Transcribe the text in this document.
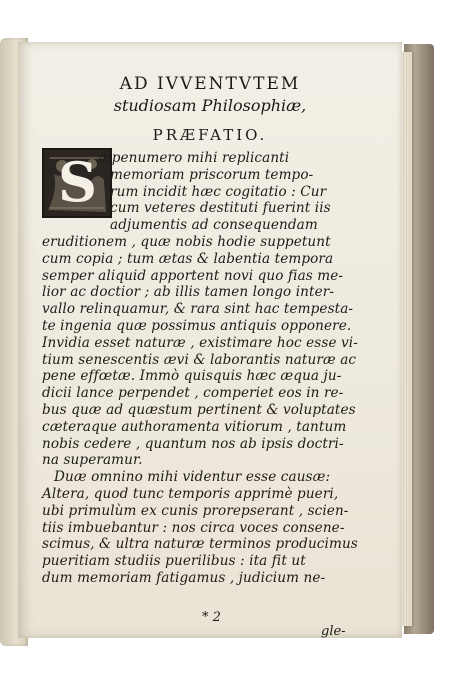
AD IVVENTVTEM
studiosam Philosophiæ,
PRÆFATIO.
S Æpenumero mihi replicanti
memoriam priscorum tempo-
rum incidit hæc cogitatio : Cur
cum veteres destituti fuerint iis
adjumentis ad consequendam
eruditionem , quæ nobis hodie suppetunt
cum copia ; tum ætas & labentia tempora
semper aliquid apportent novi quo fias me-
lior ac doctior ; ab illis tamen longo inter-
vallo relinquamur, & rara sint hac tempesta-
te ingenia quæ possimus antiquis opponere.
Invidia esset naturæ , existimare hoc esse vi-
tium senescentis ævi & laborantis naturæ ac
pene effœtæ. Immò quisquis hæc æqua ju-
dicii lance perpendet , comperiet eos in re-
bus quæ ad quæstum pertinent & voluptates
cæteraque authoramenta vitiorum , tantum
nobis cedere , quantum nos ab ipsis doctri-
na superamur.
Duæ omnino mihi videntur esse causæ:
Altera, quod tunc temporis apprimè pueri,
ubi primulùm ex cunis prorepserant , scien-
tiis imbuebantur : nos circa voces consene-
scimus, & ultra naturæ terminos producimus
pueritiam studiis puerilibus : ita fit ut
dum memoriam fatigamus , judicium ne-
* 2
gle-
